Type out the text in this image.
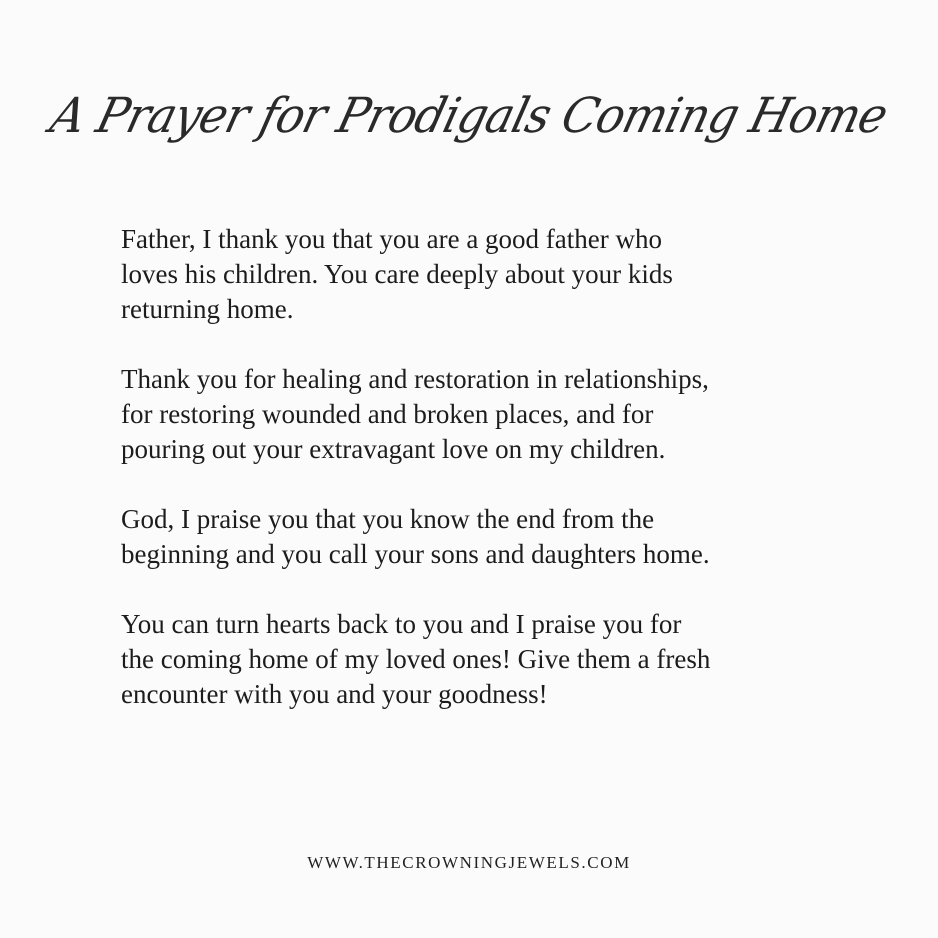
A Prayer for Prodigals Coming Home

Father, I thank you that you are a good father who
loves his children. You care deeply about your kids
returning home.

Thank you for healing and restoration in relationships,
for restoring wounded and broken places, and for
pouring out your extravagant love on my children.

God, I praise you that you know the end from the
beginning and you call your sons and daughters home.

You can turn hearts back to you and I praise you for
the coming home of my loved ones! Give them a fresh
encounter with you and your goodness!

WWW.THECROWNINGJEWELS.COM
